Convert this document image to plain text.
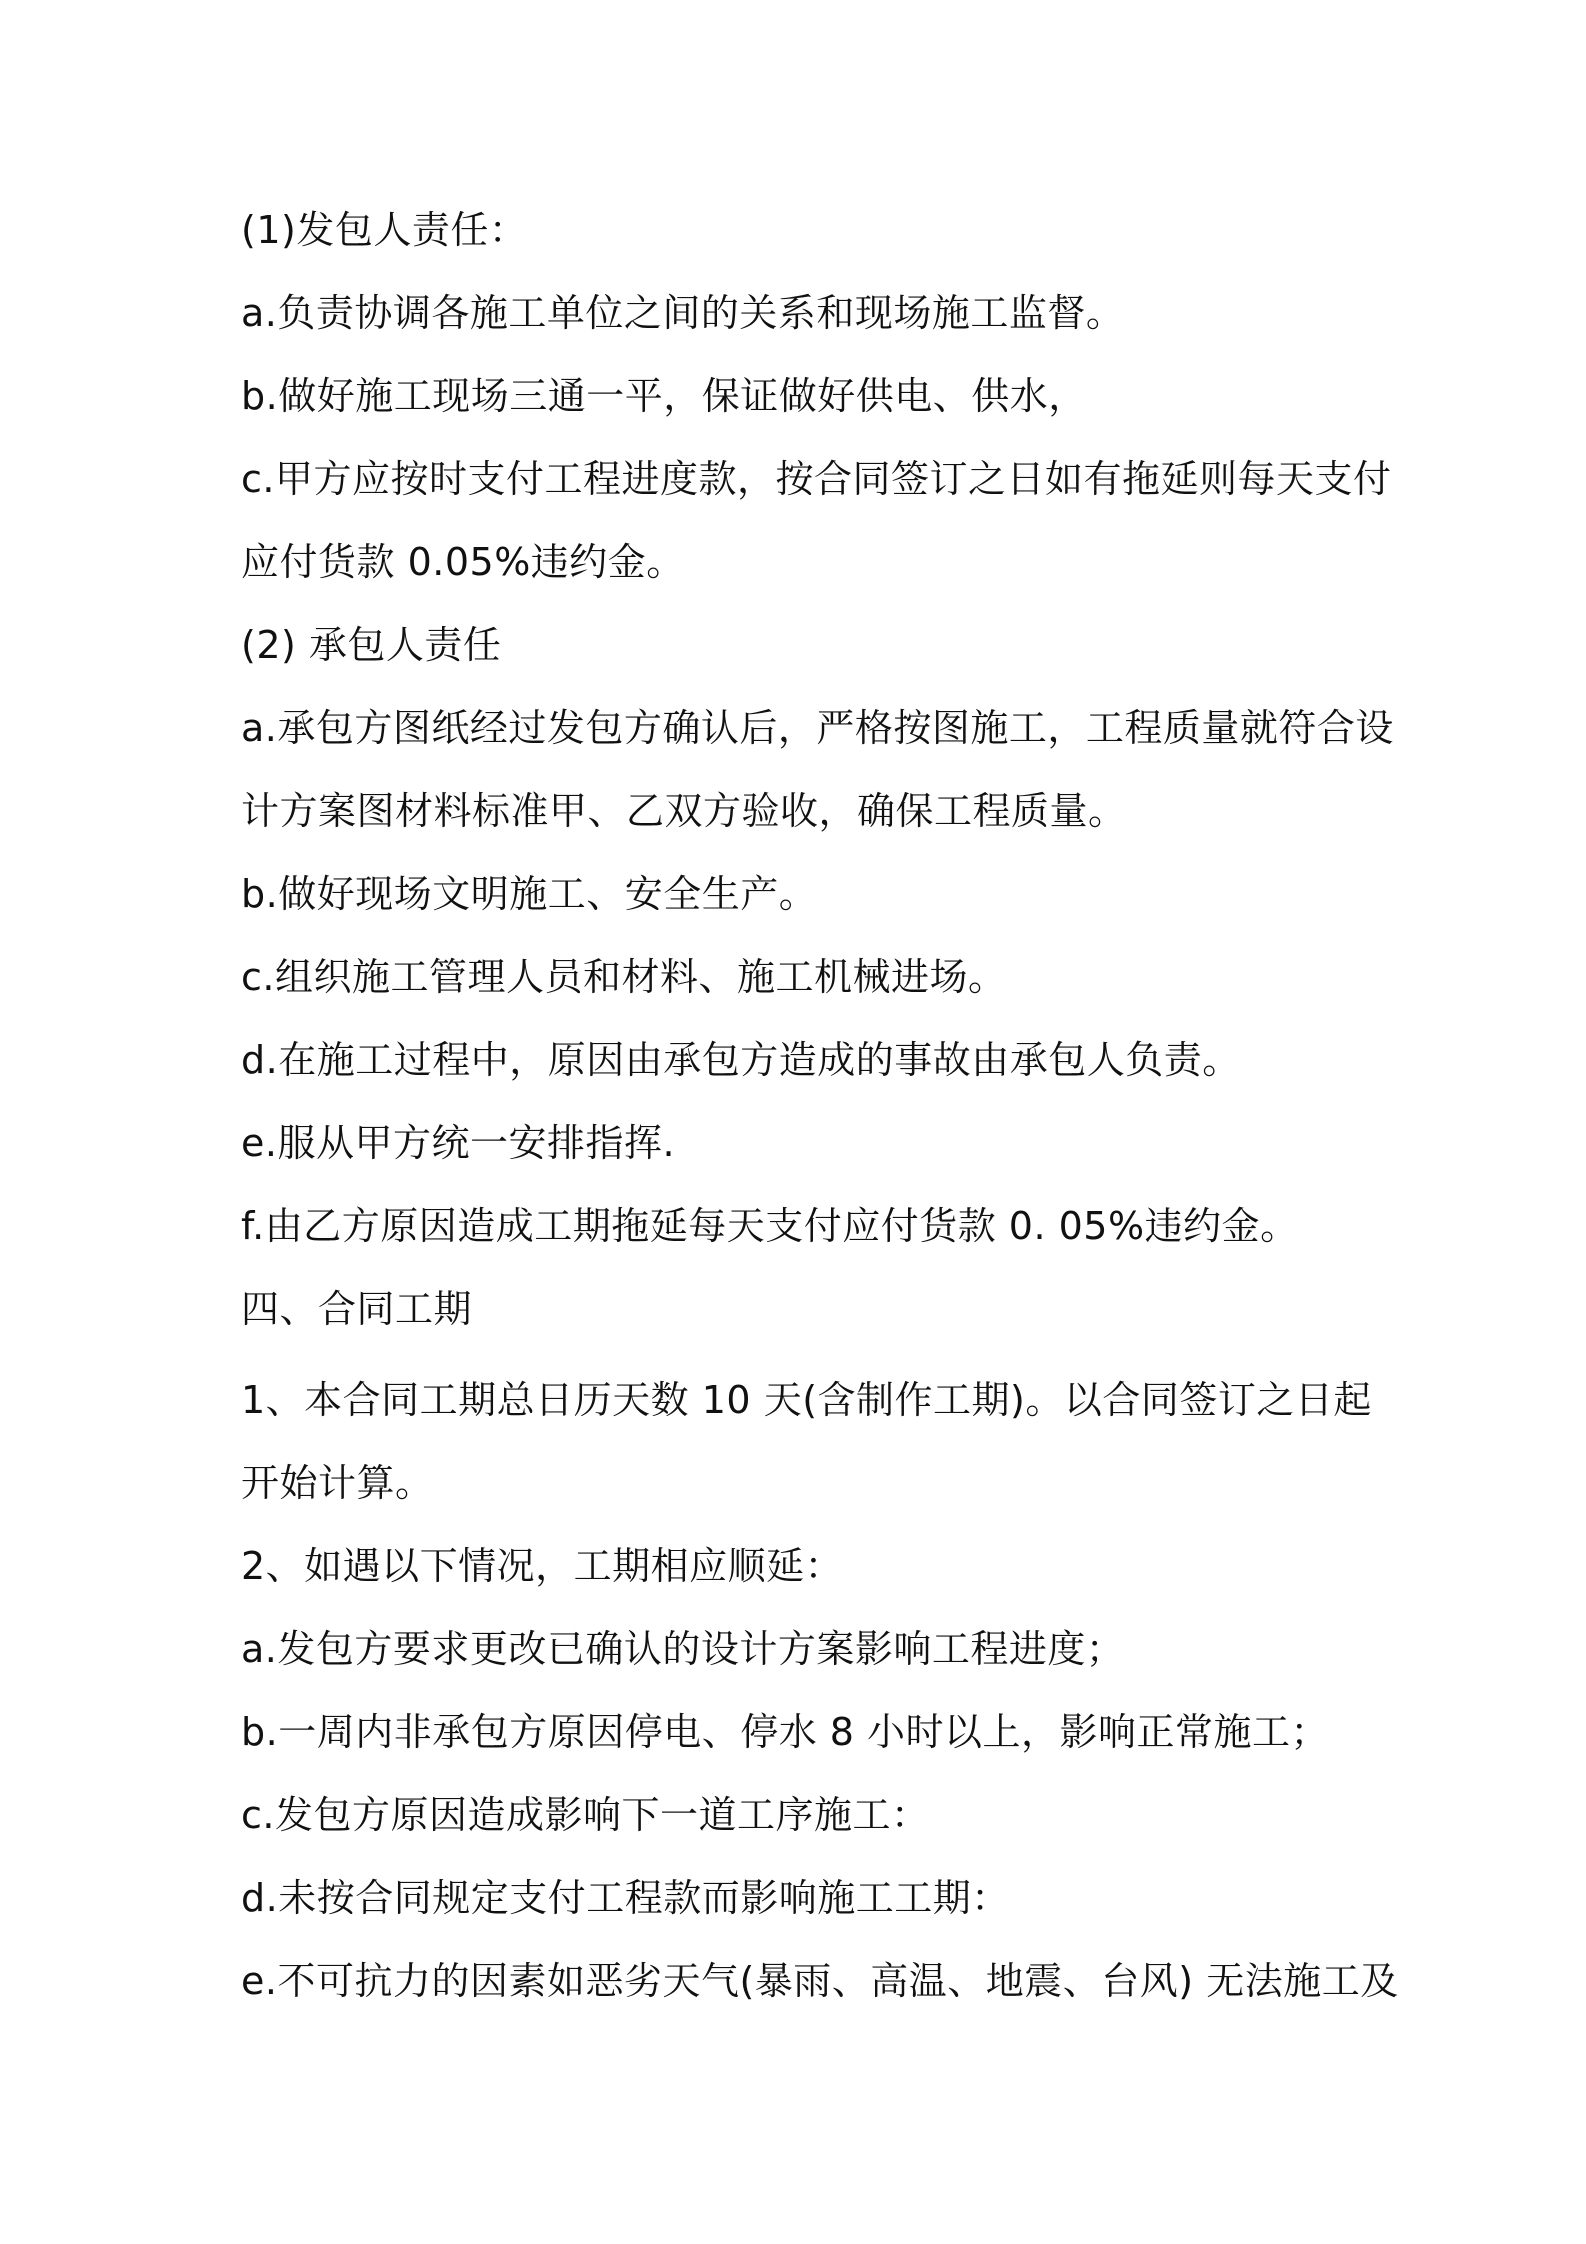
(1)发包人责任：

a.负责协调各施工单位之间的关系和现场施工监督。

b.做好施工现场三通一平，保证做好供电、供水，

c.甲方应按时支付工程进度款，按合同签订之日如有拖延则每天支付

应付货款 0.05%违约金。

(2) 承包人责任

a.承包方图纸经过发包方确认后，严格按图施工，工程质量就符合设

计方案图材料标准甲、乙双方验收，确保工程质量。

b.做好现场文明施工、安全生产。

c.组织施工管理人员和材料、施工机械进场。

d.在施工过程中，原因由承包方造成的事故由承包人负责。

e.服从甲方统一安排指挥.

f.由乙方原因造成工期拖延每天支付应付货款 0. 05%违约金。

四、合同工期

1、本合同工期总日历天数 10 天(含制作工期)。以合同签订之日起

开始计算。

2、如遇以下情况，工期相应顺延：

a.发包方要求更改已确认的设计方案影响工程进度；

b.一周内非承包方原因停电、停水 8 小时以上，影响正常施工；

c.发包方原因造成影响下一道工序施工：

d.未按合同规定支付工程款而影响施工工期：

e.不可抗力的因素如恶劣天气(暴雨、高温、地震、台风) 无法施工及
